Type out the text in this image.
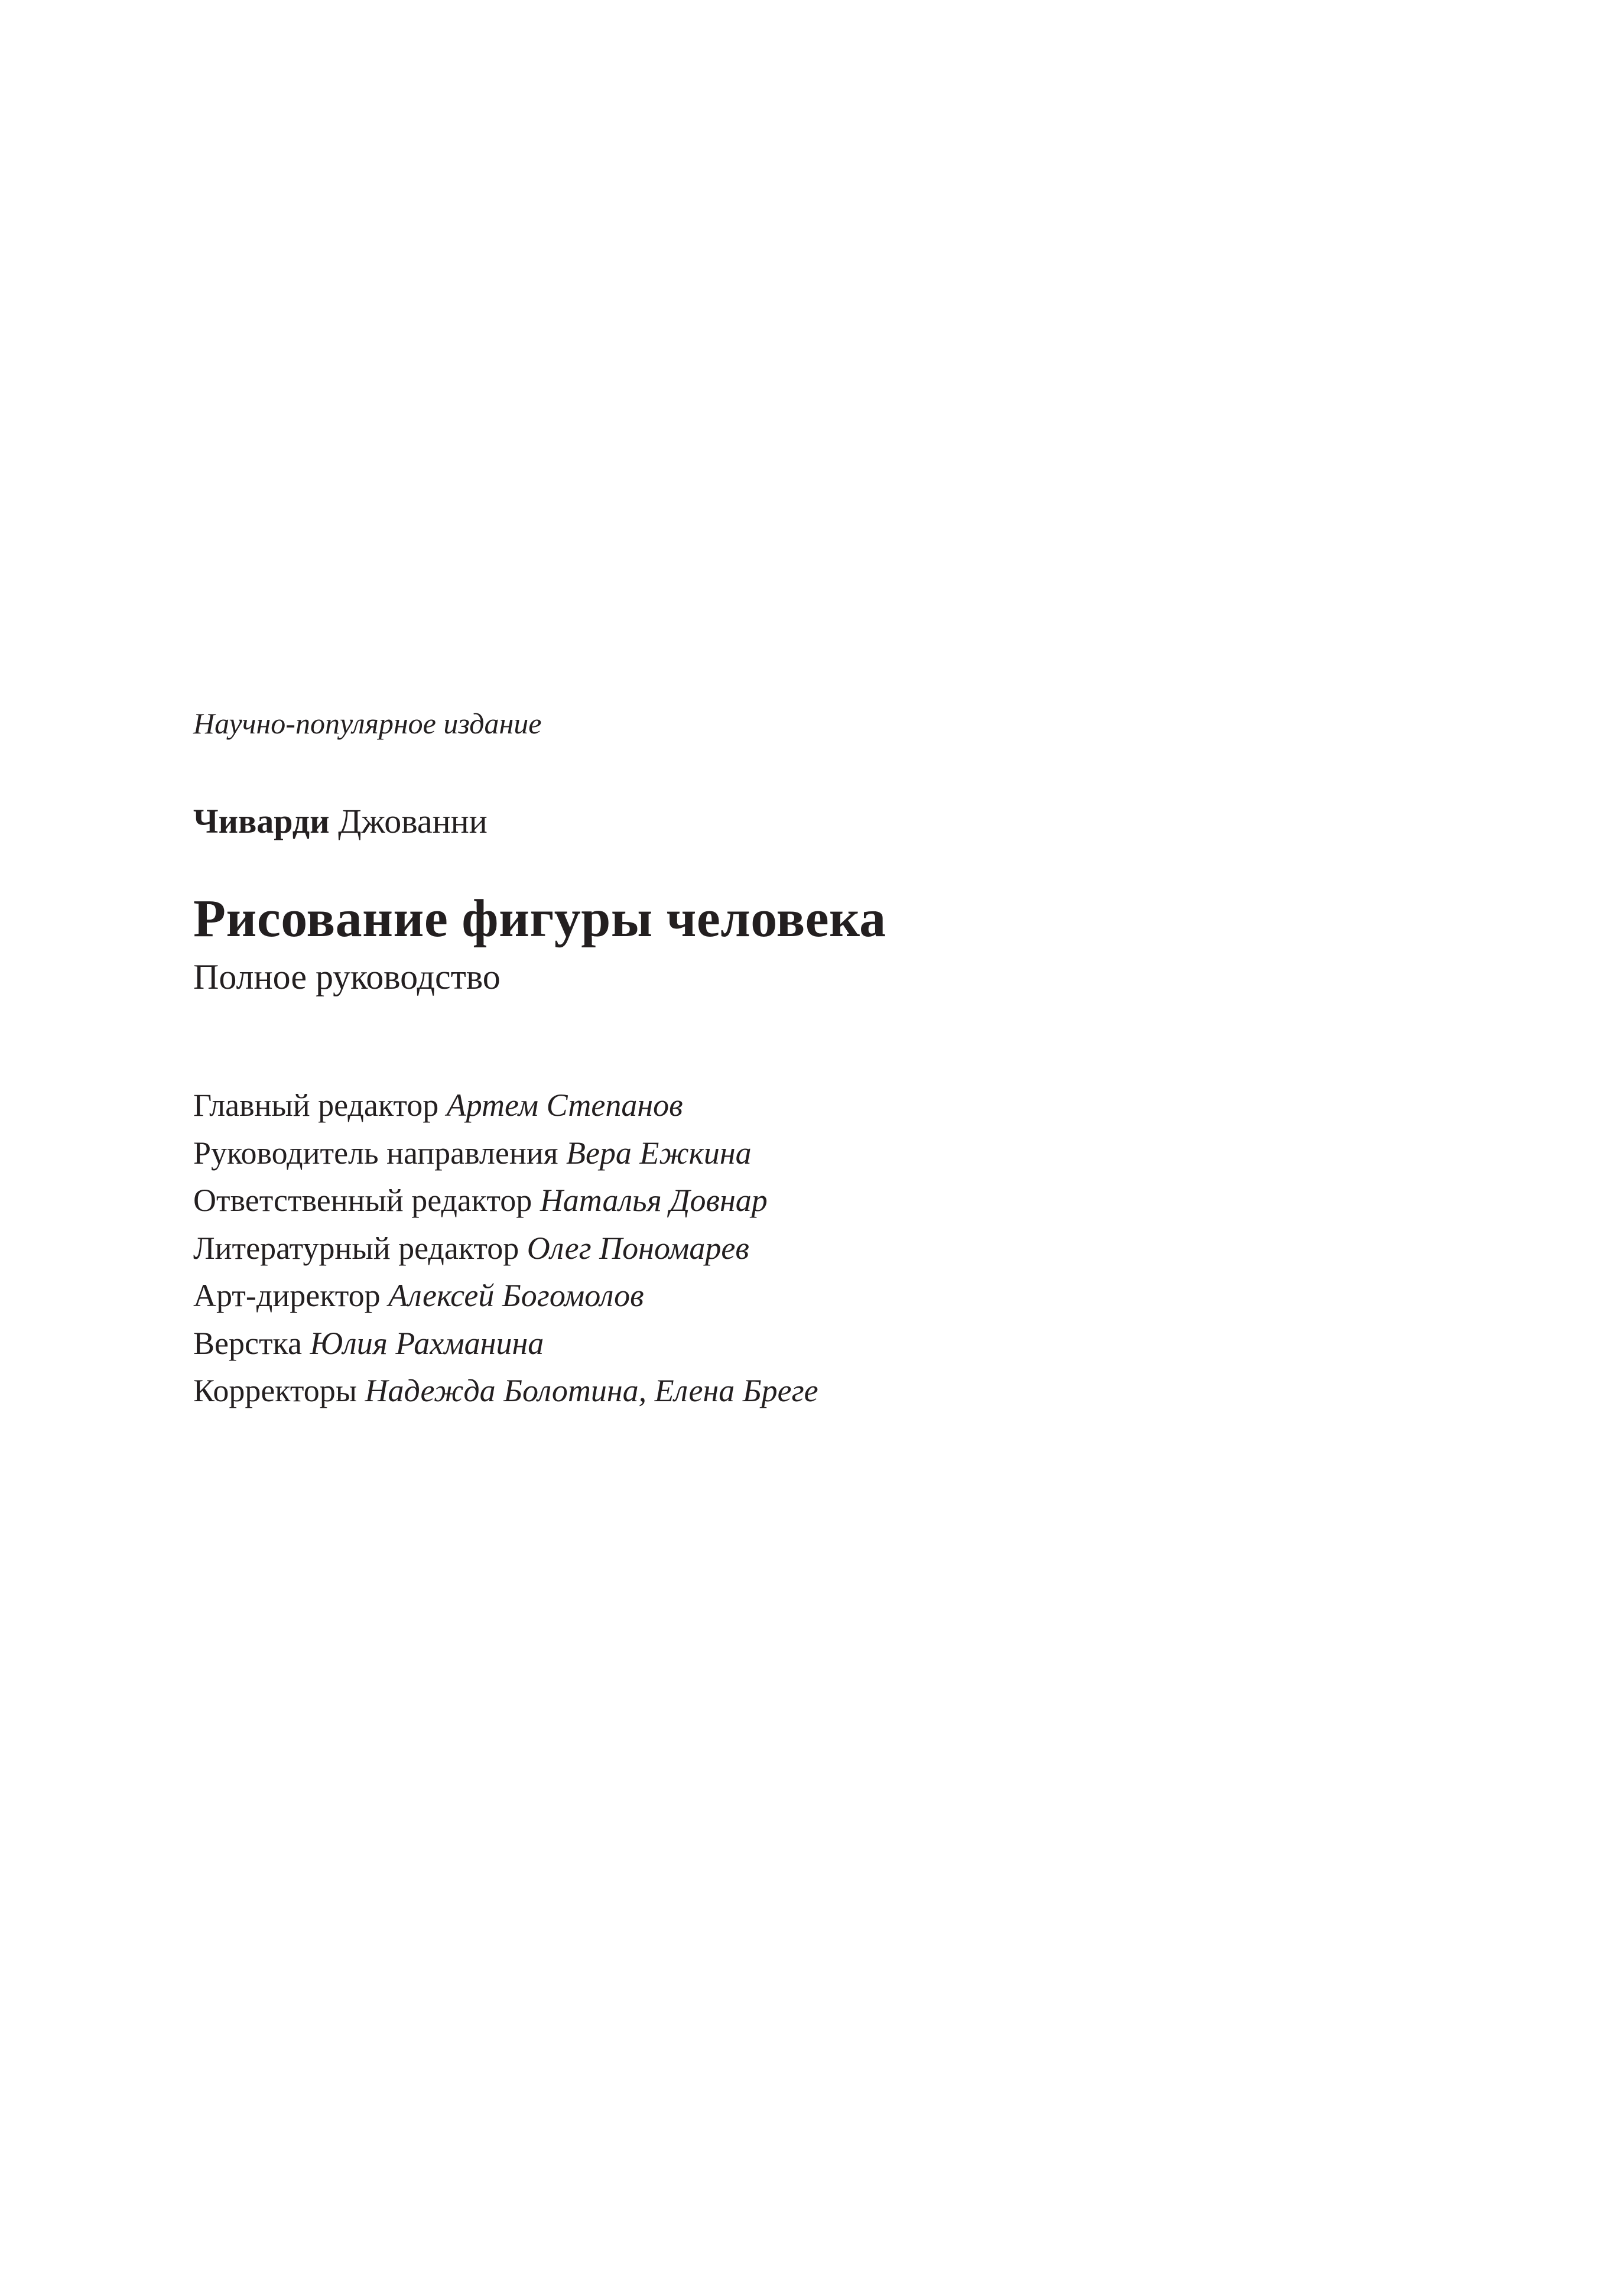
Научно-популярное издание
Чиварди Джованни
Рисование фигуры человека
Полное руководство
Главный редактор Артем Степанов
Руководитель направления Вера Ежкина
Ответственный редактор Наталья Довнар
Литературный редактор Олег Пономарев
Арт-директор Алексей Богомолов
Верстка Юлия Рахманина
Корректоры Надежда Болотина, Елена Бреге
